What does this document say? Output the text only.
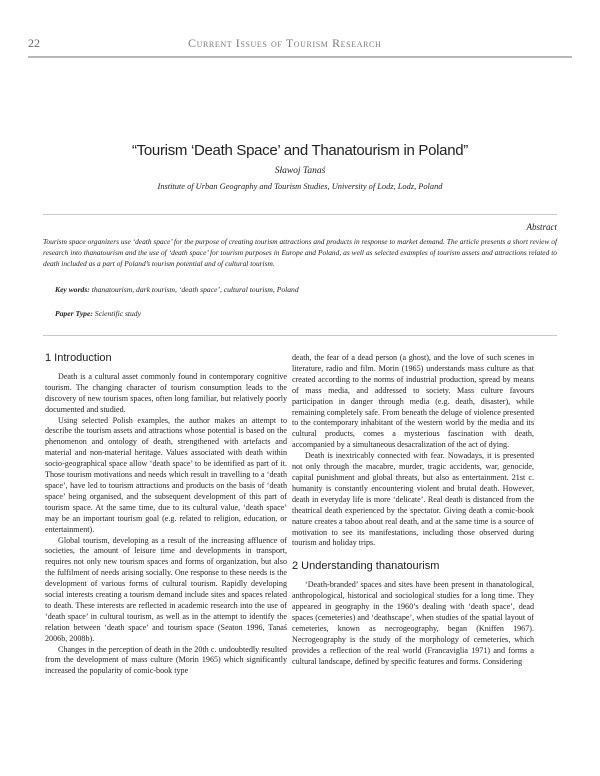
22	Current Issues of Tourism Research
“Tourism ‘Death Space’ and Thanatourism in Poland”
Sławoj Tanaś
Institute of Urban Geography and Tourism Studies, University of Lodz, Lodz, Poland
Abstract
Tourism space organizers use ‘death space’ for the purpose of creating tourism attractions and products in response to market demand. The article presents a short review of research into thanatourism and the use of ‘death space’ for tourism purposes in Europe and Poland, as well as selected examples of tourism assets and attractions related to death included as a part of Poland’s tourism potential and of cultural tourism.
Key words: thanatourism, dark tourism, ‘death space’, cultural tourism, Poland
Paper Type: Scientific study
1 Introduction

Death is a cultural asset commonly found in contemporary cognitive tourism. The changing character of tourism consumption leads to the discovery of new tourism spaces, often long familiar, but relatively poorly documented and studied.

Using selected Polish examples, the author makes an attempt to describe the tourism assets and attractions whose potential is based on the phenomenon and ontology of death, strengthened with artefacts and material and non-material heritage. Values associated with death within socio-geographical space allow ‘death space’ to be identified as part of it. Those tourism motivations and needs which result in travelling to a ‘death space’, have led to tourism attractions and products on the basis of ‘death space’ being organised, and the subsequent development of this part of tourism space. At the same time, due to its cultural value, ‘death space’ may be an important tourism goal (e.g. related to religion, education, or entertainment).

Global tourism, developing as a result of the increasing affluence of societies, the amount of leisure time and developments in transport, requires not only new tourism spaces and forms of organization, but also the fulfilment of needs arising socially. One response to these needs is the development of various forms of cultural tourism. Rapidly developing social interests creating a tourism demand include sites and spaces related to death. These interests are reflected in academic research into the use of ‘death space’ in cultural tourism, as well as in the attempt to identify the relation between ‘death space’ and tourism space (Seaton 1996, Tanaś 2006b, 2008b).

Changes in the perception of death in the 20th c. undoubtedly resulted from the development of mass culture (Morin 1965) which significantly increased the popularity of comic-book type

death, the fear of a dead person (a ghost), and the love of such scenes in literature, radio and film. Morin (1965) understands mass culture as that created according to the norms of industrial production, spread by means of mass media, and addressed to society. Mass culture favours participation in danger through media (e.g. death, disaster), while remaining completely safe. From beneath the deluge of violence presented to the contemporary inhabitant of the western world by the media and its cultural products, comes a mysterious fascination with death, accompanied by a simultaneous desacralization of the act of dying.

Death is inextricably connected with fear. Nowadays, it is presented not only through the macabre, murder, tragic accidents, war, genocide, capital punishment and global threats, but also as entertainment. 21st c. humanity is constantly encountering violent and brutal death. However, death in everyday life is more ‘delicate’. Real death is distanced from the theatrical death experienced by the spectator. Giving death a comic-book nature creates a taboo about real death, and at the same time is a source of motivation to see its manifestations, including those observed during tourism and holiday trips.

2 Understanding thanatourism

‘Death-branded’ spaces and sites have been present in thanatological, anthropological, historical and sociological studies for a long time. They appeared in geography in the 1960’s dealing with ‘death space’, dead spaces (cemeteries) and ‘deathscape’, when studies of the spatial layout of cemeteries, known as necrogeography, began (Kniffen 1967). Necrogeography is the study of the morphology of cemeteries, which provides a reflection of the real world (Francaviglia 1971) and forms a cultural landscape, defined by specific features and forms. Considering
